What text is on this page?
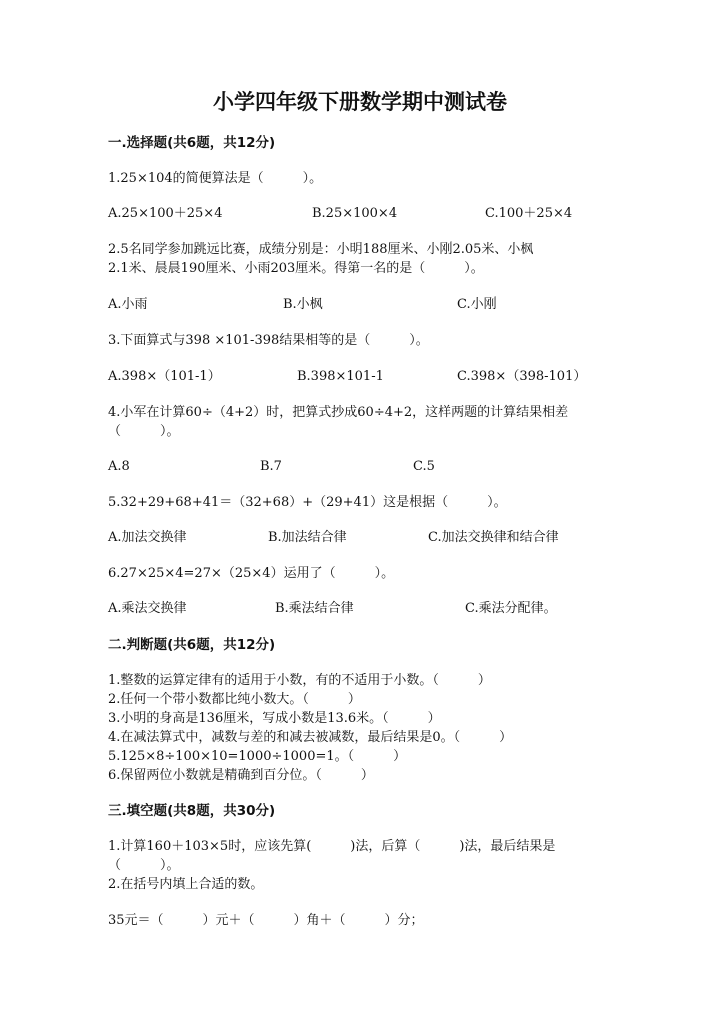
小学四年级下册数学期中测试卷
一.选择题(共6题，共12分)
1.25×104的简便算法是（　　　）。
A.25×100＋25×4	B.25×100×4	C.100＋25×4
2.5名同学参加跳远比赛，成绩分别是：小明188厘米、小刚2.05米、小枫
2.1米、晨晨190厘米、小雨203厘米。得第一名的是（　　　）。
A.小雨	B.小枫	C.小刚
3.下面算式与398 ×101-398结果相等的是（　　　）。
A.398×（101-1）	B.398×101-1	C.398×（398-101）
4.小军在计算60÷（4+2）时，把算式抄成60÷4+2，这样两题的计算结果相差
（　　　）。
A.8	B.7	C.5
5.32+29+68+41＝（32+68）+（29+41）这是根据（　　　）。
A.加法交换律	B.加法结合律	C.加法交换律和结合律
6.27×25×4=27×（25×4）运用了（　　　）。
A.乘法交换律	B.乘法结合律	C.乘法分配律。
二.判断题(共6题，共12分)
1.整数的运算定律有的适用于小数，有的不适用于小数。（　　　）
2.任何一个带小数都比纯小数大。（　　　）
3.小明的身高是136厘米，写成小数是13.6米。（　　　）
4.在减法算式中，减数与差的和减去被减数，最后结果是0。（　　　）
5.125×8÷100×10=1000÷1000=1。（　　　）
6.保留两位小数就是精确到百分位。（　　　）
三.填空题(共8题，共30分)
1.计算160＋103×5时，应该先算(　　　)法，后算（　　　)法，最后结果是
（　　　）。
2.在括号内填上合适的数。
35元＝（　　　）元＋（　　　）角＋（　　　）分；
